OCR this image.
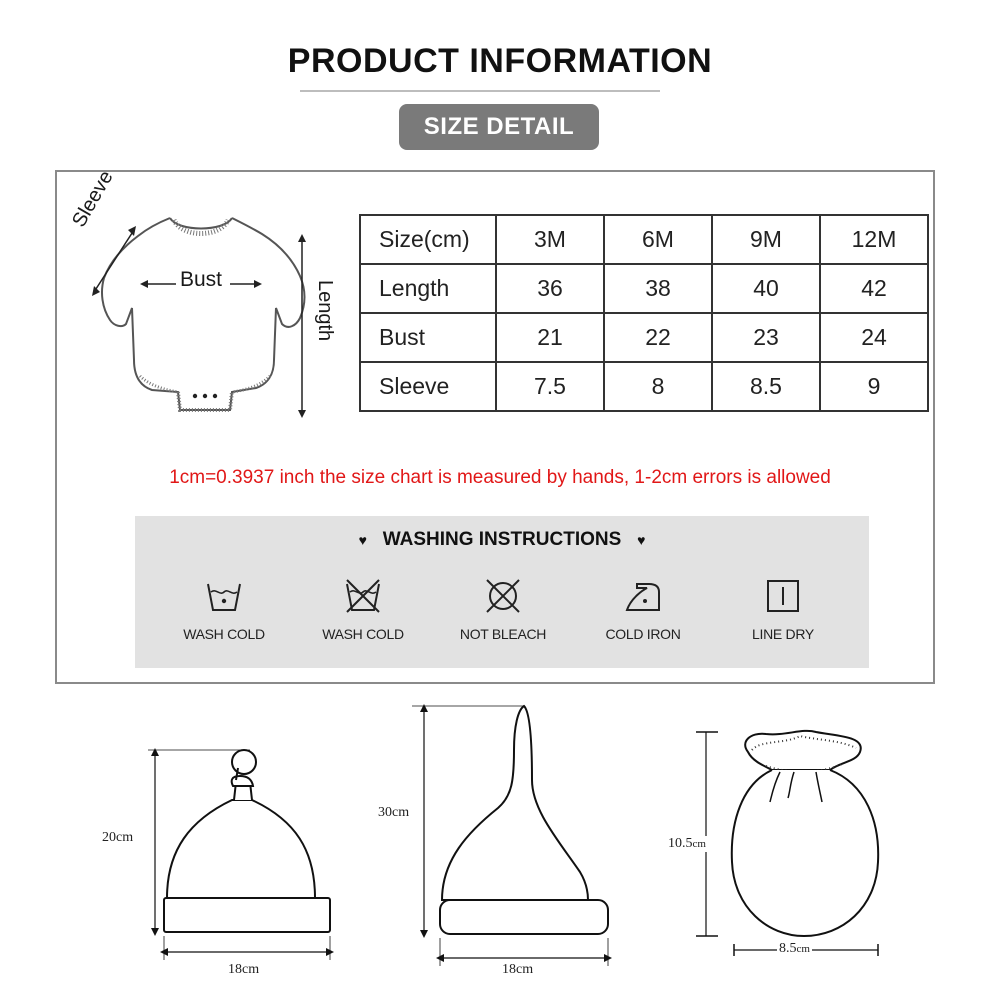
PRODUCT INFORMATION
SIZE DETAIL
Sleeve
Bust
Length
Size(cm)	3M	6M	9M	12M
Length	36	38	40	42
Bust	21	22	23	24
Sleeve	7.5	8	8.5	9
1cm=0.3937 inch the size chart is measured by hands, 1-2cm errors is allowed
♥ WASHING INSTRUCTIONS ♥
WASH COLD	WASH COLD	NOT BLEACH	COLD IRON	LINE DRY
20cm
18cm
30cm
18cm
10.5cm
8.5cm
